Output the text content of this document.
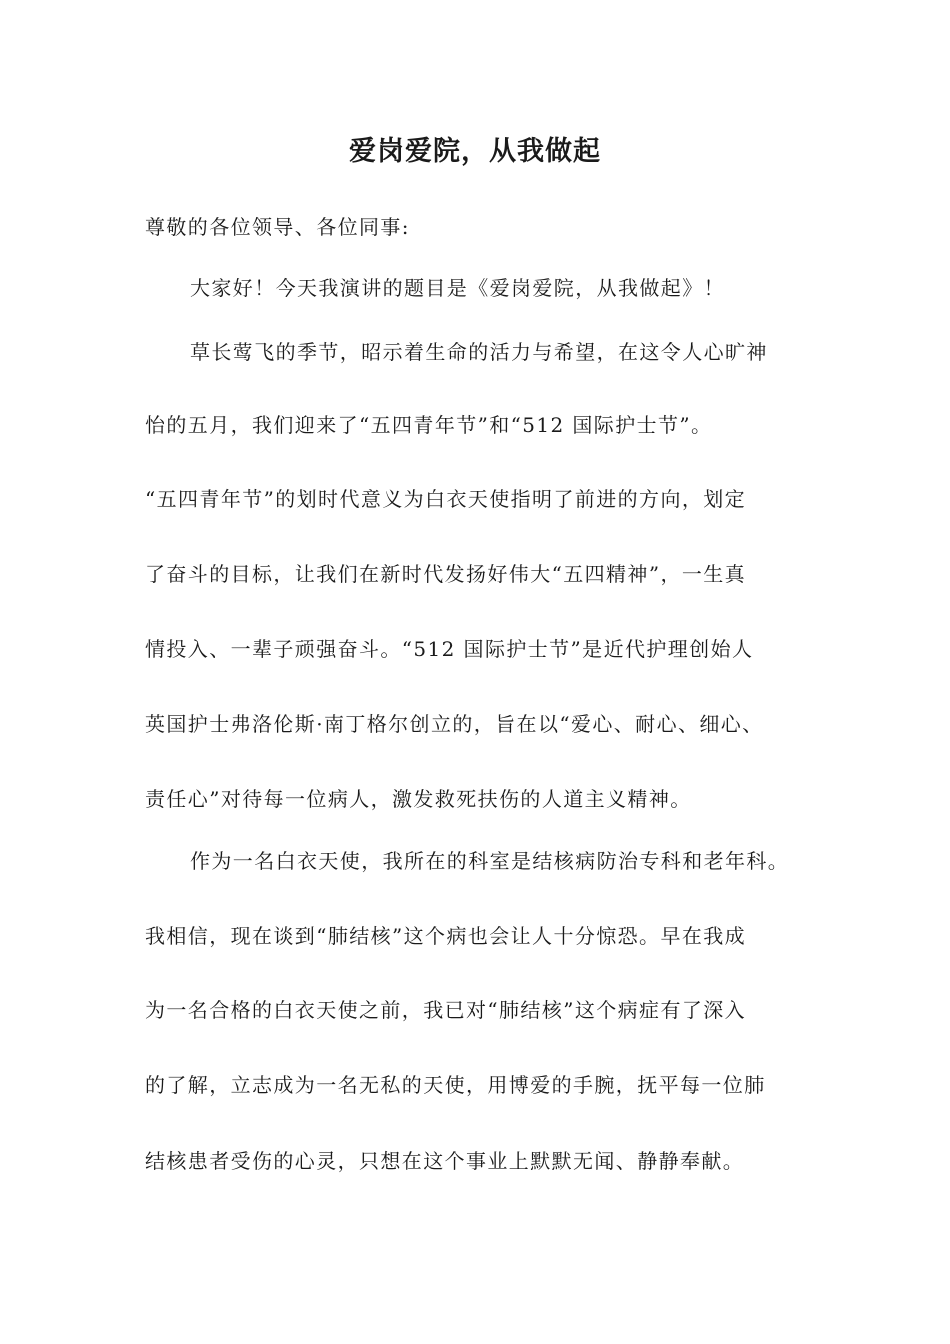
爱岗爱院，从我做起
尊敬的各位领导、各位同事:
大家好！今天我演讲的题目是《爱岗爱院，从我做起》！
草长莺飞的季节，昭示着生命的活力与希望，在这令人心旷神
怡的五月，我们迎来了“五四青年节”和“512 国际护士节”。
“五四青年节”的划时代意义为白衣天使指明了前进的方向，划定
了奋斗的目标，让我们在新时代发扬好伟大“五四精神”，一生真
情投入、一辈子顽强奋斗。“512 国际护士节”是近代护理创始人
英国护士弗洛伦斯·南丁格尔创立的，旨在以“爱心、耐心、细心、
责任心”对待每一位病人，激发救死扶伤的人道主义精神。
作为一名白衣天使，我所在的科室是结核病防治专科和老年科。
我相信，现在谈到“肺结核”这个病也会让人十分惊恐。早在我成
为一名合格的白衣天使之前，我已对“肺结核”这个病症有了深入
的了解，立志成为一名无私的天使，用博爱的手腕，抚平每一位肺
结核患者受伤的心灵，只想在这个事业上默默无闻、静静奉献。
